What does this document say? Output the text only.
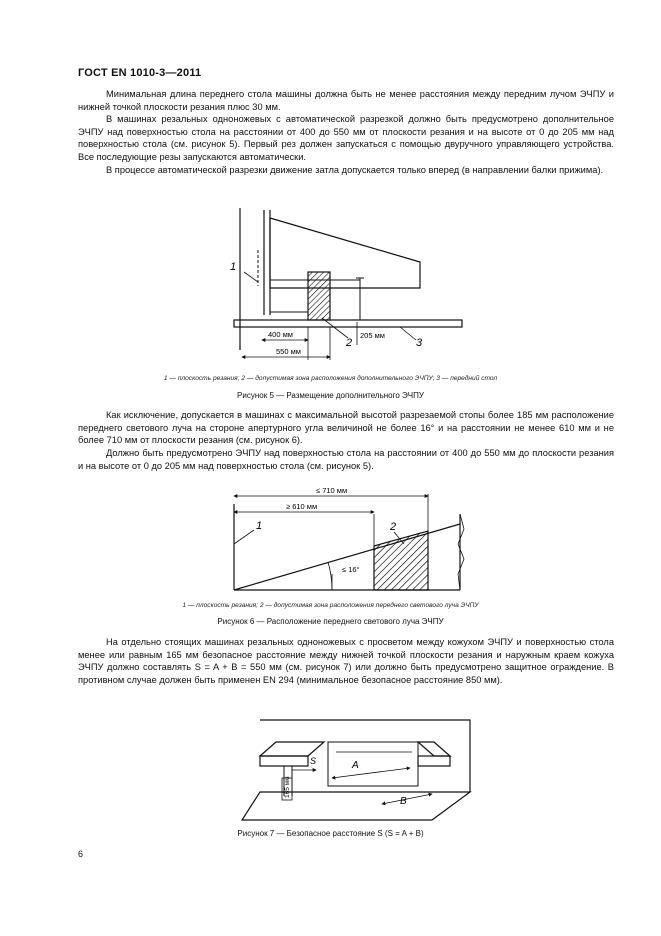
ГОСТ EN 1010-3—2011

Минимальная длина переднего стола машины должна быть не менее расстояния между передним лучом ЭЧПУ и нижней точкой плоскости резания плюс 30 мм.

В машинах резальных одноножевых с автоматической разрезкой должно быть предусмотрено дополнительное ЭЧПУ над поверхностью стола на расстоянии от 400 до 550 мм от плоскости резания и на высоте от 0 до 205 мм над поверхностью стола (см. рисунок 5). Первый рез должен запускаться с помощью двуручного управляющего устройства. Все последующие резы запускаются автоматически.

В процессе автоматической разрезки движение затла допускается только вперед (в направлении балки прижима).

1
2	3
400 мм
550 мм
205 мм
1 — плоскость резания; 2 — допустимая зона расположения дополнительного ЭЧПУ; 3 — передний стол
Рисунок 5 — Размещение дополнительного ЭЧПУ

Как исключение, допускается в машинах с максимальной высотой разрезаемой стопы более 185 мм расположение переднего светового луча на стороне апертурного угла величиной не более 16° и на расстоянии не менее 610 мм и не более 710 мм от плоскости резания (см. рисунок 6).

Должно быть предусмотрено ЭЧПУ над поверхностью стола на расстоянии от 400 до 550 мм до плоскости резания и на высоте от 0 до 205 мм над поверхностью стола (см. рисунок 5).

1	2
≤ 710 мм
≥ 610 мм
≤ 16°
1 — плоскость резания; 2 — допустимая зона расположения переднего светового луча ЭЧПУ
Рисунок 6 — Расположение переднего светового луча ЭЧПУ

На отдельно стоящих машинах резальных одноножевых с просветом между кожухом ЭЧПУ и поверхностью стола менее или равным 165 мм безопасное расстояние между нижней точкой плоскости резания и наружным краем кожуха ЭЧПУ должно составлять S = A + B = 550 мм (см. рисунок 7) или должно быть предусмотрено защитное ограждение. В противном случае должен быть применен EN 294 (минимальное безопасное расстояние 850 мм).

S	A
B
165 мм
Рисунок 7 — Безопасное расстояние S (S = A + B)
6
